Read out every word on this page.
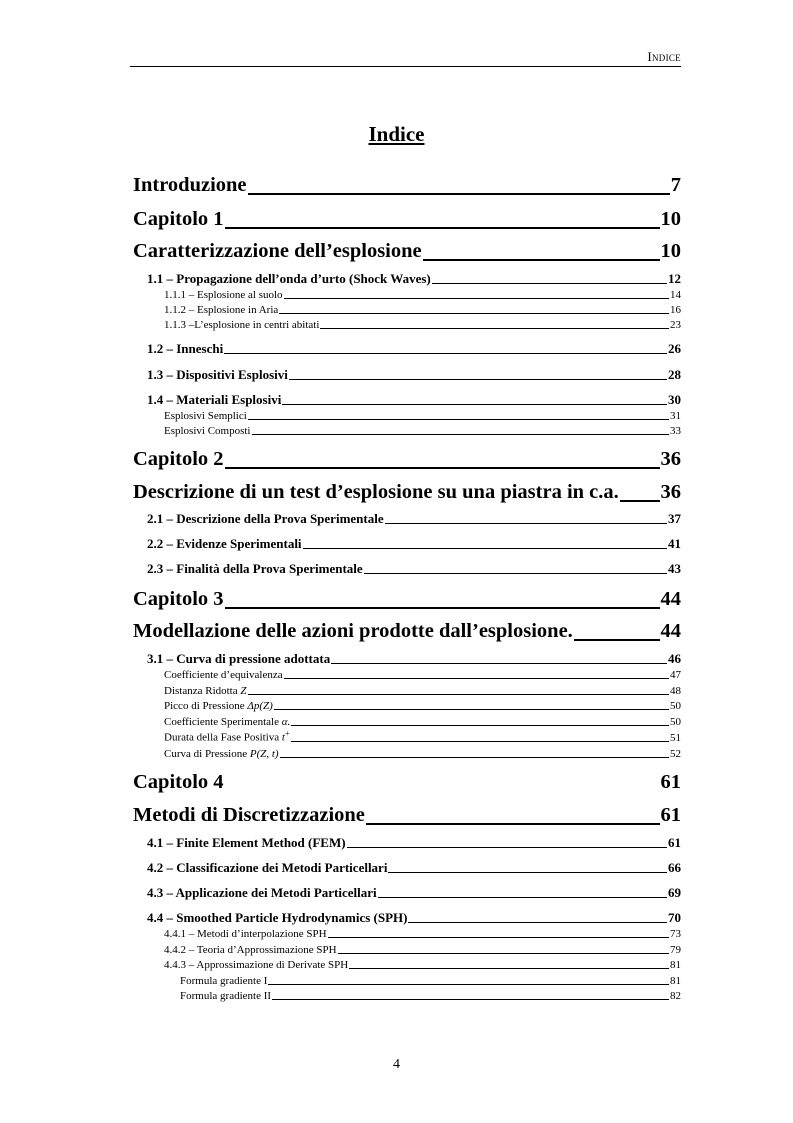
Indice
Indice
Introduzione	7
Capitolo 1	10
Caratterizzazione dell’esplosione	10
1.1 – Propagazione dell’onda d’urto (Shock Waves)	12
1.1.1 – Esplosione al suolo	14
1.1.2 – Esplosione in Aria	16
1.1.3 –L’esplosione in centri abitati	23
1.2 – Inneschi	26
1.3 – Dispositivi Esplosivi	28
1.4 – Materiali Esplosivi	30
Esplosivi Semplici	31
Esplosivi Composti	33
Capitolo 2	36
Descrizione di un test d’esplosione su una piastra in c.a. 36
2.1 – Descrizione della Prova Sperimentale	37
2.2 – Evidenze Sperimentali	41
2.3 – Finalità della Prova Sperimentale	43
Capitolo 3	44
Modellazione delle azioni prodotte dall’esplosione.	44
3.1 – Curva di pressione adottata	46
Coefficiente d’equivalenza	47
Distanza Ridotta Z	48
Picco di Pressione Δp(Z)	50
Coefficiente Sperimentale α.	50
Durata della Fase Positiva t+	51
Curva di Pressione P(Z, t)	52
Capitolo 4	61
Metodi di Discretizzazione	61
4.1 – Finite Element Method (FEM)	61
4.2 – Classificazione dei Metodi Particellari	66
4.3 – Applicazione dei Metodi Particellari	69
4.4 – Smoothed Particle Hydrodynamics (SPH)	70
4.4.1 – Metodi d’interpolazione SPH	73
4.4.2 – Teoria d’Approssimazione SPH	79
4.4.3 – Approssimazione di Derivate SPH	81
Formula gradiente I	81
Formula gradiente II	82
4
